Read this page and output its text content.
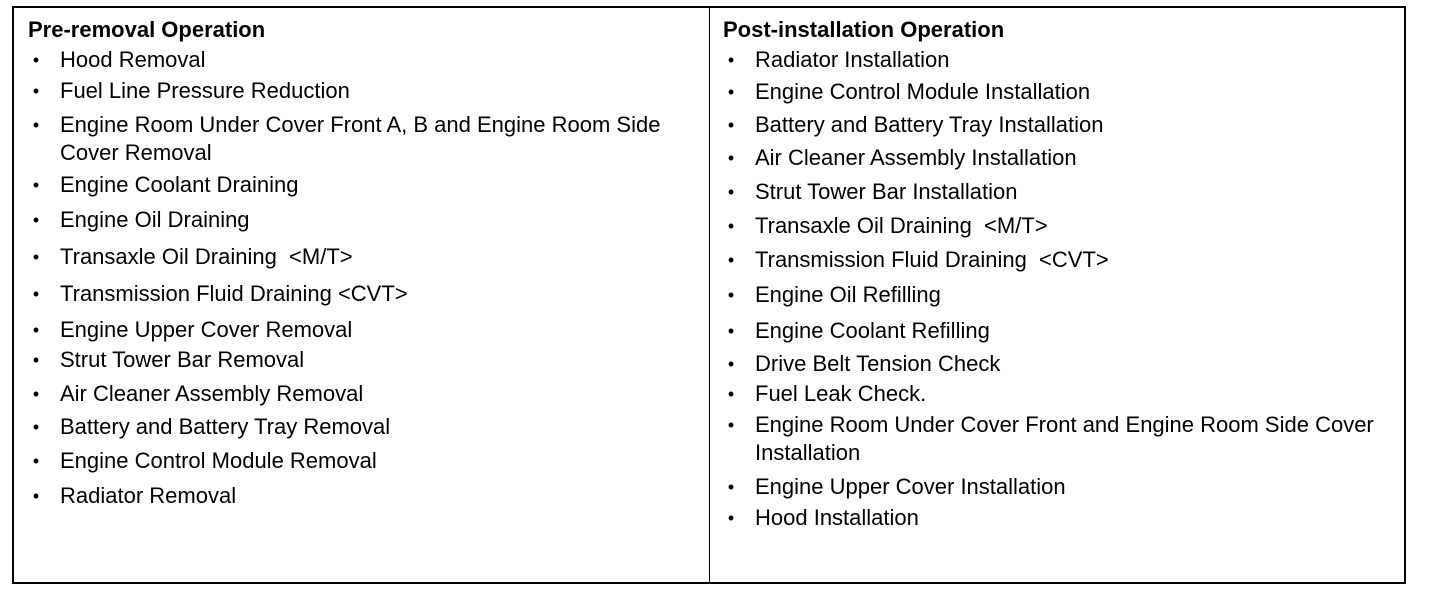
Pre-removal Operation
• Hood Removal
• Fuel Line Pressure Reduction
• Engine Room Under Cover Front A, B and Engine Room Side Cover Removal
• Engine Coolant Draining
• Engine Oil Draining
• Transaxle Oil Draining  <M/T>
• Transmission Fluid Draining <CVT>
• Engine Upper Cover Removal
• Strut Tower Bar Removal
• Air Cleaner Assembly Removal
• Battery and Battery Tray Removal
• Engine Control Module Removal
• Radiator Removal
Post-installation Operation
• Radiator Installation
• Engine Control Module Installation
• Battery and Battery Tray Installation
• Air Cleaner Assembly Installation
• Strut Tower Bar Installation
• Transaxle Oil Draining  <M/T>
• Transmission Fluid Draining  <CVT>
• Engine Oil Refilling
• Engine Coolant Refilling
• Drive Belt Tension Check
• Fuel Leak Check.
• Engine Room Under Cover Front and Engine Room Side Cover Installation
• Engine Upper Cover Installation
• Hood Installation
